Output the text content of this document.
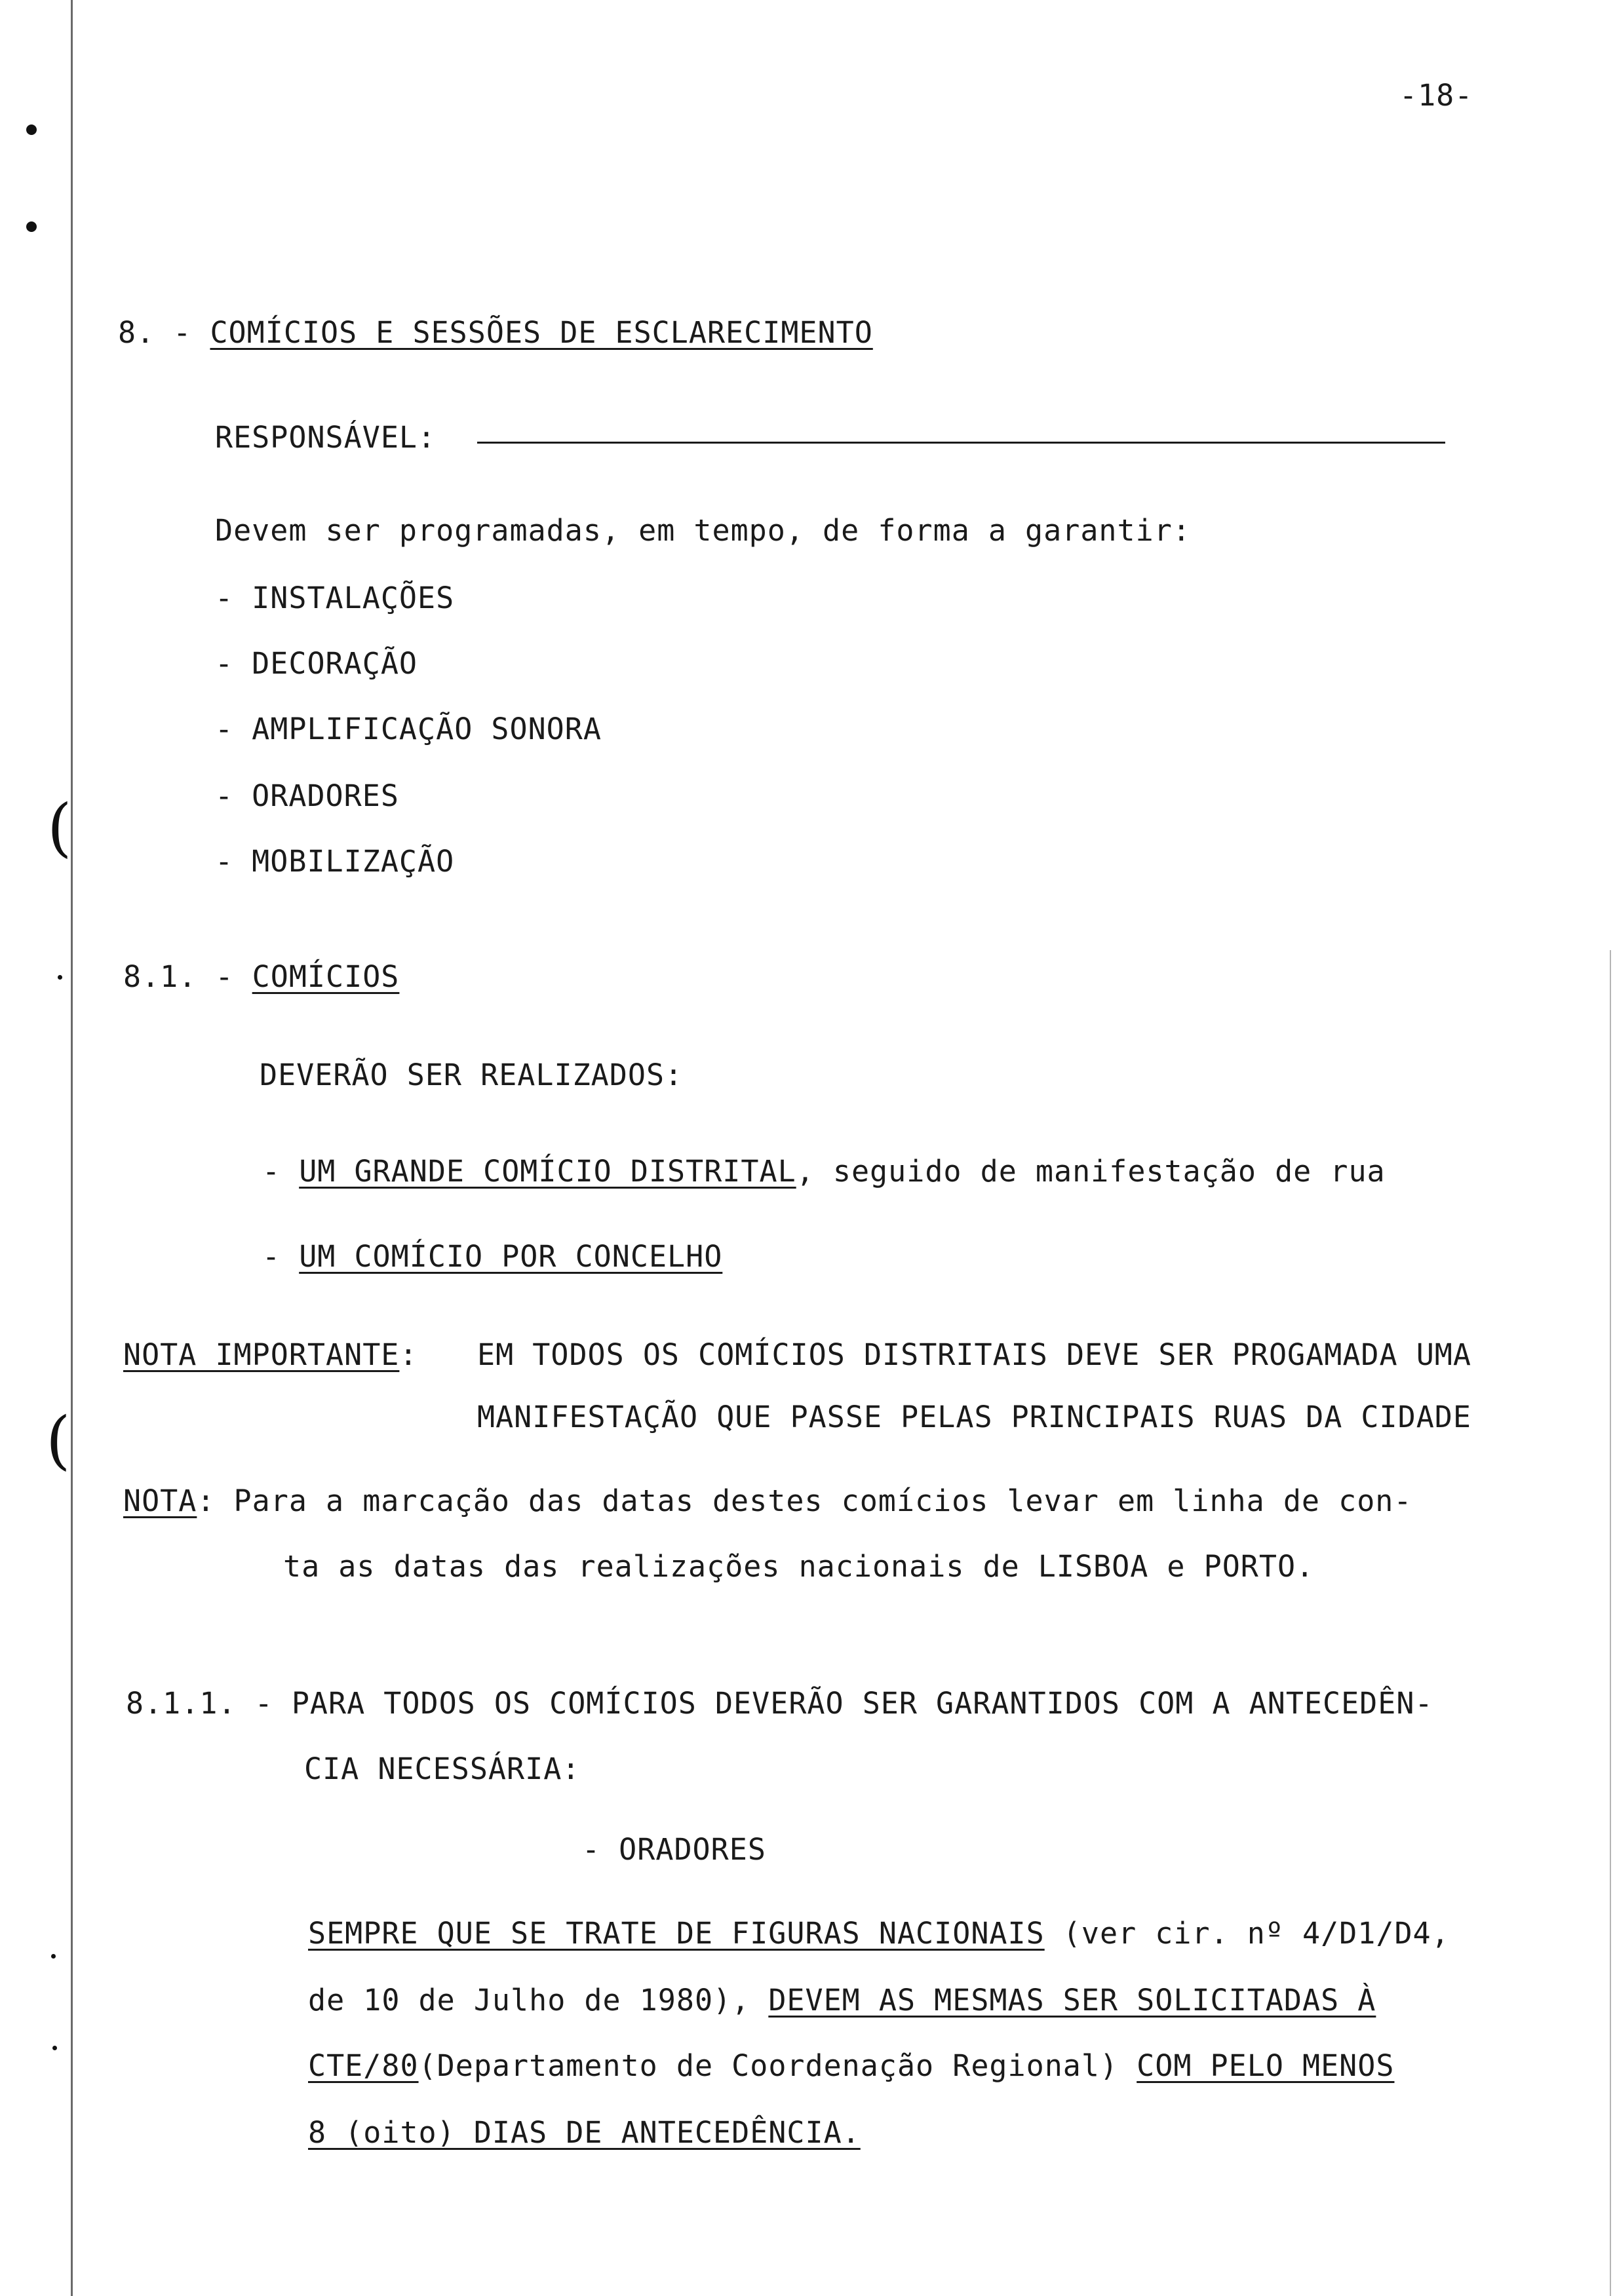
(
(
-18-
8. - COMÍCIOS E SESSÕES DE ESCLARECIMENTO
RESPONSÁVEL:
Devem ser programadas, em tempo, de forma a garantir:
- INSTALAÇÕES
- DECORAÇÃO
- AMPLIFICAÇÃO SONORA
- ORADORES
- MOBILIZAÇÃO
8.1. - COMÍCIOS
DEVERÃO SER REALIZADOS:
- UM GRANDE COMÍCIO DISTRITAL, seguido de manifestação de rua
- UM COMÍCIO POR CONCELHO
NOTA IMPORTANTE: EM TODOS OS COMÍCIOS DISTRITAIS DEVE SER PROGAMADA UMA
MANIFESTAÇÃO QUE PASSE PELAS PRINCIPAIS RUAS DA CIDADE
NOTA: Para a marcação das datas destes comícios levar em linha de con-
ta as datas das realizações nacionais de LISBOA e PORTO.
8.1.1. - PARA TODOS OS COMÍCIOS DEVERÃO SER GARANTIDOS COM A ANTECEDÊN-
CIA NECESSÁRIA:
- ORADORES
SEMPRE QUE SE TRATE DE FIGURAS NACIONAIS (ver cir. nº 4/D1/D4,
de 10 de Julho de 1980), DEVEM AS MESMAS SER SOLICITADAS À
CTE/80(Departamento de Coordenação Regional) COM PELO MENOS
8 (oito) DIAS DE ANTECEDÊNCIA.
